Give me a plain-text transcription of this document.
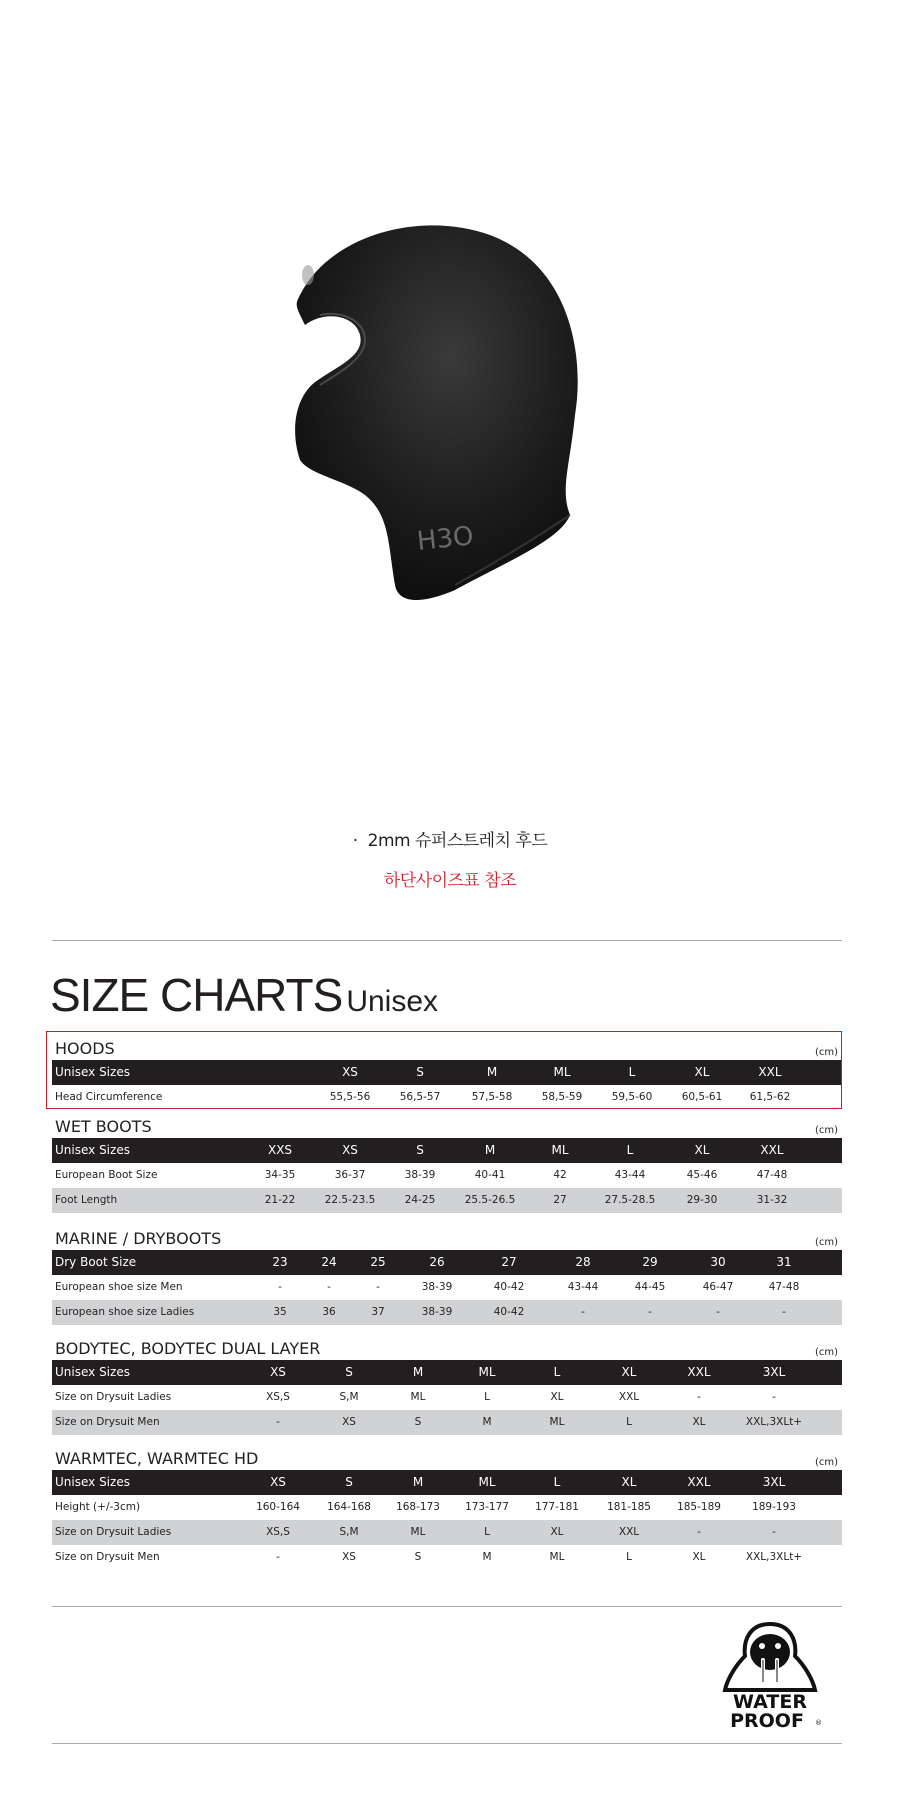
H3O
· 2mm 슈퍼스트레치 후드
하단사이즈표 참조
SIZE CHARTS Unisex
HOODS	(cm)
Unisex Sizes	XS	S	M	ML	L	XL	XXL
Head Circumference	55,5-56	56,5-57	57,5-58	58,5-59	59,5-60	60,5-61	61,5-62
WET BOOTS	(cm)
Unisex Sizes	XXS	XS	S	M	ML	L	XL	XXL
European Boot Size	34-35	36-37	38-39	40-41	42	43-44	45-46	47-48
Foot Length	21-22	22.5-23.5	24-25	25.5-26.5	27	27.5-28.5	29-30	31-32
MARINE / DRYBOOTS	(cm)
Dry Boot Size	23	24	25	26	27	28	29	30	31
European shoe size Men	-	-	-	38-39	40-42	43-44	44-45	46-47	47-48
European shoe size Ladies	35	36	37	38-39	40-42	-	-	-	-
BODYTEC, BODYTEC DUAL LAYER	(cm)
Unisex Sizes	XS	S	M	ML	L	XL	XXL	3XL
Size on Drysuit Ladies	XS,S	S,M	ML	L	XL	XXL	-	-
Size on Drysuit Men	-	XS	S	M	ML	L	XL	XXL,3XLt+
WARMTEC, WARMTEC HD	(cm)
Unisex Sizes	XS	S	M	ML	L	XL	XXL	3XL
Height (+/-3cm)	160-164	164-168	168-173	173-177	177-181	181-185	185-189	189-193
Size on Drysuit Ladies	XS,S	S,M	ML	L	XL	XXL	-	-
Size on Drysuit Men	-	XS	S	M	ML	L	XL	XXL,3XLt+
WATER
PROOF ®
